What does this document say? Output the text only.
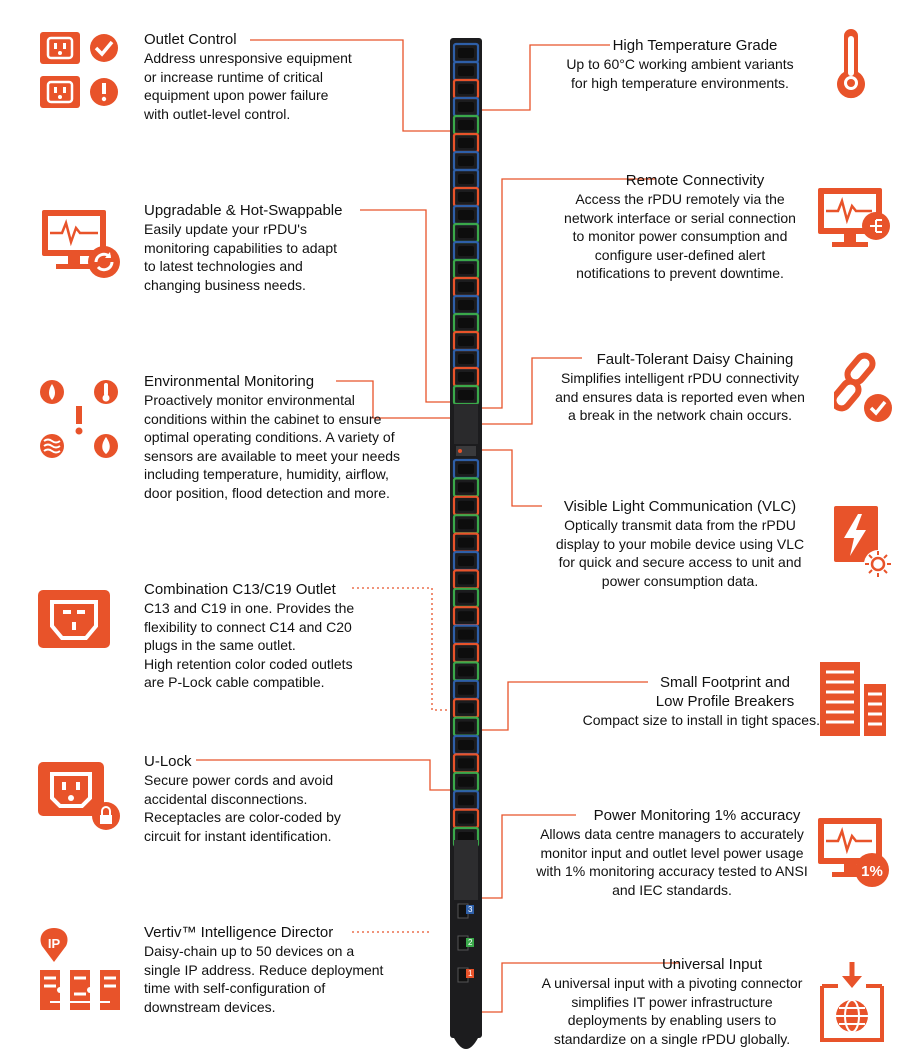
Outlet Control
Address unresponsive equipment
or increase runtime of critical
equipment upon power failure
with outlet-level control.
Upgradable & Hot-Swappable
Easily update your rPDU's
monitoring capabilities to adapt
to latest technologies and
changing business needs.
Environmental Monitoring
Proactively monitor environmental
conditions within the cabinet to ensure
optimal operating conditions. A variety of
sensors are available to meet your needs
including temperature, humidity, airflow,
door position, flood detection and more.
Combination C13/C19 Outlet
C13 and C19 in one. Provides the
flexibility to connect C14 and C20
plugs in the same outlet.
High retention color coded outlets
are P-Lock cable compatible.
U-Lock
Secure power cords and avoid
accidental disconnections.
Receptacles are color-coded by
circuit for instant identification.
Vertiv™ Intelligence Director
Daisy-chain up to 50 devices on a
single IP address. Reduce deployment
time with self-configuration of
downstream devices.
High Temperature Grade
Up to 60°C working ambient variants
for high temperature environments.
Remote Connectivity
Access the rPDU remotely via the
network interface or serial connection
to monitor power consumption and
configure user-defined alert
notifications to prevent downtime.
Fault-Tolerant Daisy Chaining
Simplifies intelligent rPDU connectivity
and ensures data is reported even when
a break in the network chain occurs.
Visible Light Communication (VLC)
Optically transmit data from the rPDU
display to your mobile device using VLC
for quick and secure access to unit and
power consumption data.
Small Footprint and
Low Profile Breakers
Compact size to install in tight spaces.
Power Monitoring 1% accuracy
Allows data centre managers to accurately
monitor input and outlet level power usage
with 1% monitoring accuracy tested to ANSI
and IEC standards.
Universal Input
A universal input with a pivoting connector
simplifies IT power infrastructure
deployments by enabling users to
standardize on a single rPDU globally.
IP
1%
3
2
1
